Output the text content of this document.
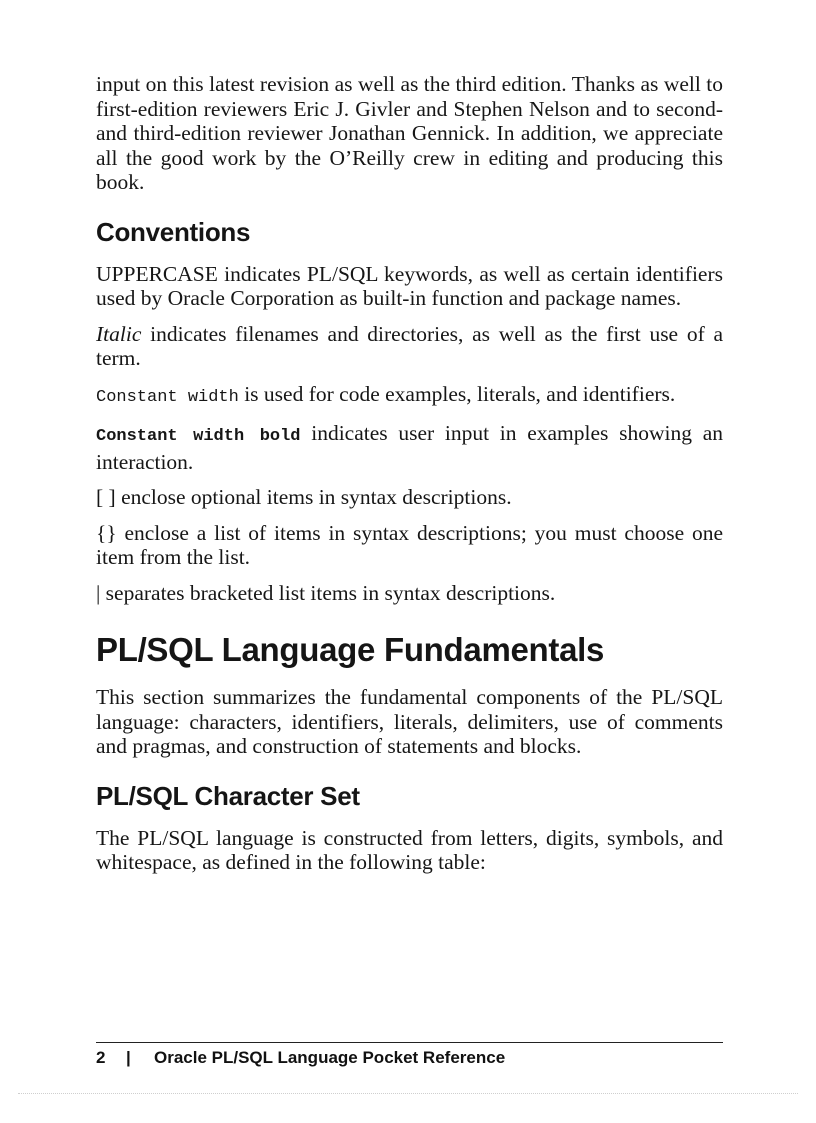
input on this latest revision as well as the third edition. Thanks as well to first-edition reviewers Eric J. Givler and Stephen Nelson and to second- and third-edition reviewer Jonathan Gennick. In addition, we appreciate all the good work by the O’Reilly crew in editing and producing this book.

Conventions

UPPERCASE indicates PL/SQL keywords, as well as certain identifiers used by Oracle Corporation as built-in function and package names.

Italic indicates filenames and directories, as well as the first use of a term.

Constant width is used for code examples, literals, and identifiers.

Constant width bold indicates user input in examples showing an interaction.

[ ] enclose optional items in syntax descriptions.

{} enclose a list of items in syntax descriptions; you must choose one item from the list.

| separates bracketed list items in syntax descriptions.

PL/SQL Language Fundamentals

This section summarizes the fundamental components of the PL/SQL language: characters, identifiers, literals, delimiters, use of comments and pragmas, and construction of statements and blocks.

PL/SQL Character Set

The PL/SQL language is constructed from letters, digits, symbols, and whitespace, as defined in the following table:

2	|	Oracle PL/SQL Language Pocket Reference
